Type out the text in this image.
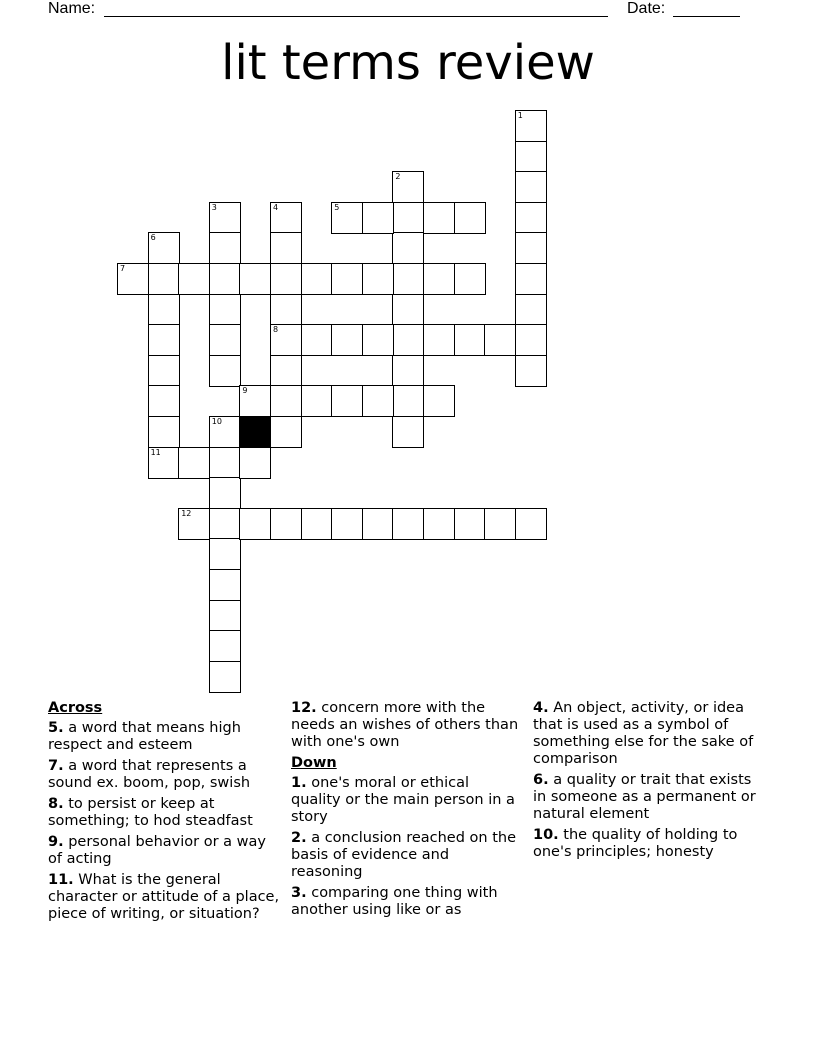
Name:	Date:
lit terms review
1
2
3	4
8
5
6
11
7
9
10
12
Across
5. a word that means high respect and esteem
7. a word that represents a sound ex. boom, pop, swish
8. to persist or keep at something; to hod steadfast
9. personal behavior or a way of acting
11. What is the general character or attitude of a place, piece of writing, or situation?
12. concern more with the needs an wishes of others than with one's own
Down
1. one's moral or ethical quality or the main person in a story
2. a conclusion reached on the basis of evidence and reasoning
3. comparing one thing with another using like or as
4. An object, activity, or idea that is used as a symbol of something else for the sake of comparison
6. a quality or trait that exists in someone as a permanent or natural element
10. the quality of holding to one's principles; honesty
